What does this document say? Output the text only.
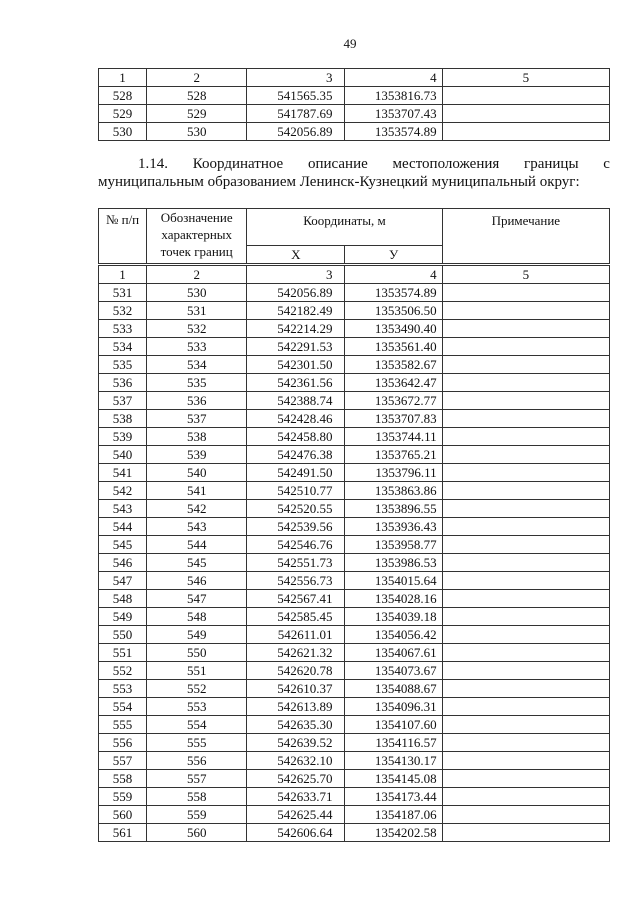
49
1	2	3	4	5
528	528	541565.35	1353816.73	
529	529	541787.69	1353707.43	
530	530	542056.89	1353574.89	
1.14. Координатное описание местоположения границы с
муниципальным образованием Ленинск-Кузнецкий муниципальный округ:
№ п/п	Обозначение характерных точек границ	Координаты, м		Примечание
		X	У	
1	2	3	4	5
531	530	542056.89	1353574.89	
532	531	542182.49	1353506.50	
533	532	542214.29	1353490.40	
534	533	542291.53	1353561.40	
535	534	542301.50	1353582.67	
536	535	542361.56	1353642.47	
537	536	542388.74	1353672.77	
538	537	542428.46	1353707.83	
539	538	542458.80	1353744.11	
540	539	542476.38	1353765.21	
541	540	542491.50	1353796.11	
542	541	542510.77	1353863.86	
543	542	542520.55	1353896.55	
544	543	542539.56	1353936.43	
545	544	542546.76	1353958.77	
546	545	542551.73	1353986.53	
547	546	542556.73	1354015.64	
548	547	542567.41	1354028.16	
549	548	542585.45	1354039.18	
550	549	542611.01	1354056.42	
551	550	542621.32	1354067.61	
552	551	542620.78	1354073.67	
553	552	542610.37	1354088.67	
554	553	542613.89	1354096.31	
555	554	542635.30	1354107.60	
556	555	542639.52	1354116.57	
557	556	542632.10	1354130.17	
558	557	542625.70	1354145.08	
559	558	542633.71	1354173.44	
560	559	542625.44	1354187.06	
561	560	542606.64	1354202.58	
